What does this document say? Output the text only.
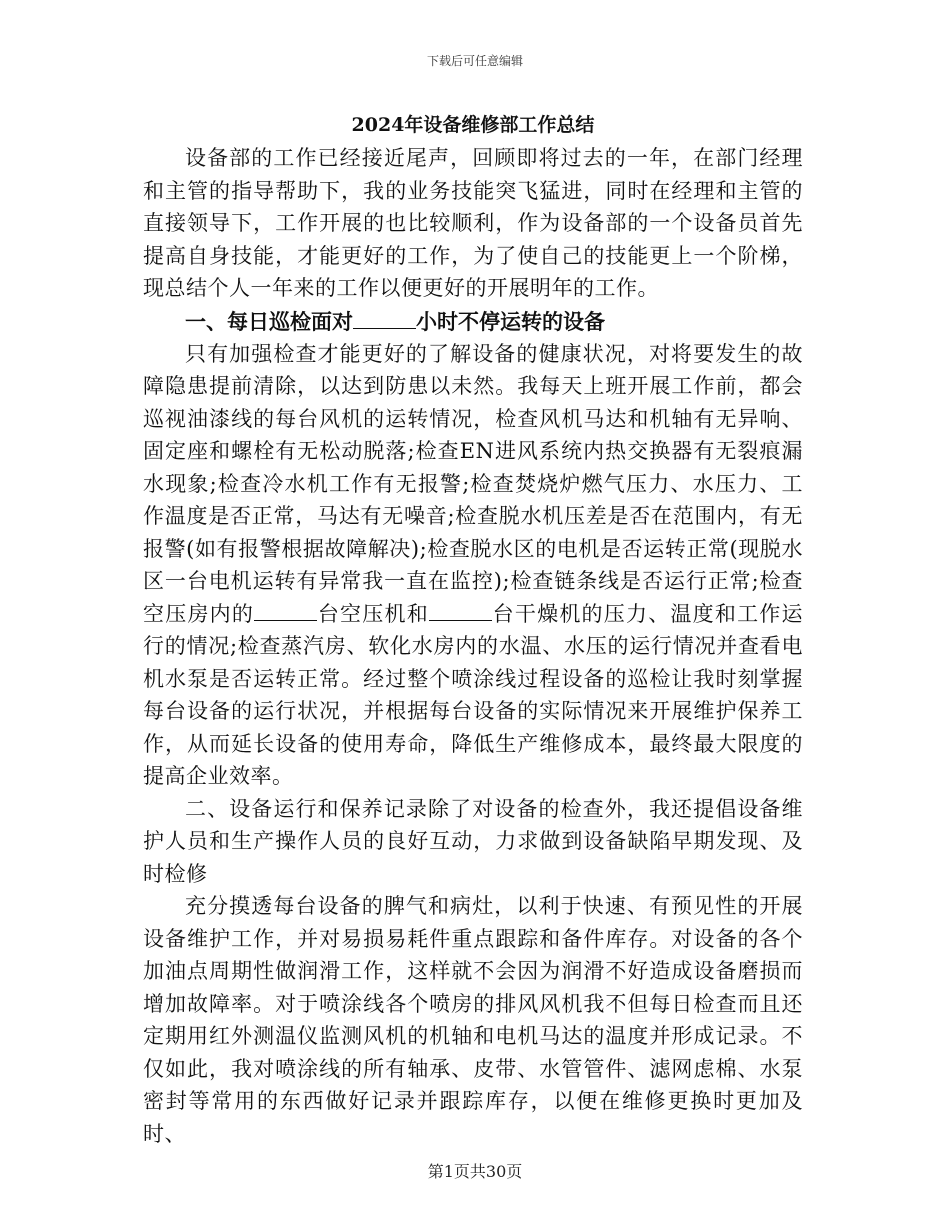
下载后可任意编辑
2024年设备维修部工作总结

设备部的工作已经接近尾声，回顾即将过去的一年，在部门经理和主管的指导帮助下，我的业务技能突飞猛进，同时在经理和主管的直接领导下，工作开展的也比较顺利，作为设备部的一个设备员首先提高自身技能，才能更好的工作，为了使自己的技能更上一个阶梯，现总结个人一年来的工作以便更好的开展明年的工作。

一、每日巡检面对	小时不停运转的设备

只有加强检查才能更好的了解设备的健康状况，对将要发生的故障隐患提前清除，以达到防患以未然。我每天上班开展工作前，都会巡视油漆线的每台风机的运转情况，检查风机马达和机轴有无异响、固定座和螺栓有无松动脱落;检查EN进风系统内热交换器有无裂痕漏水现象;检查冷水机工作有无报警;检查焚烧炉燃气压力、水压力、工作温度是否正常，马达有无噪音;检查脱水机压差是否在范围内，有无报警(如有报警根据故障解决);检查脱水区的电机是否运转正常(现脱水区一台电机运转有异常我一直在监控);检查链条线是否运行正常;检查空压房内的	台空压机和	台干燥机的压力、温度和工作运行的情况;检查蒸汽房、软化水房内的水温、水压的运行情况并查看电机水泵是否运转正常。经过整个喷涂线过程设备的巡检让我时刻掌握每台设备的运行状况，并根据每台设备的实际情况来开展维护保养工作，从而延长设备的使用寿命，降低生产维修成本，最终最大限度的提高企业效率。

二、设备运行和保养记录除了对设备的检查外，我还提倡设备维护人员和生产操作人员的良好互动，力求做到设备缺陷早期发现、及时检修

充分摸透每台设备的脾气和病灶，以利于快速、有预见性的开展设备维护工作，并对易损易耗件重点跟踪和备件库存。对设备的各个加油点周期性做润滑工作，这样就不会因为润滑不好造成设备磨损而增加故障率。对于喷涂线各个喷房的排风风机我不但每日检查而且还定期用红外测温仪监测风机的机轴和电机马达的温度并形成记录。不仅如此，我对喷涂线的所有轴承、皮带、水管管件、滤网虑棉、水泵密封等常用的东西做好记录并跟踪库存，以便在维修更换时更加及时、

第1页共30页
